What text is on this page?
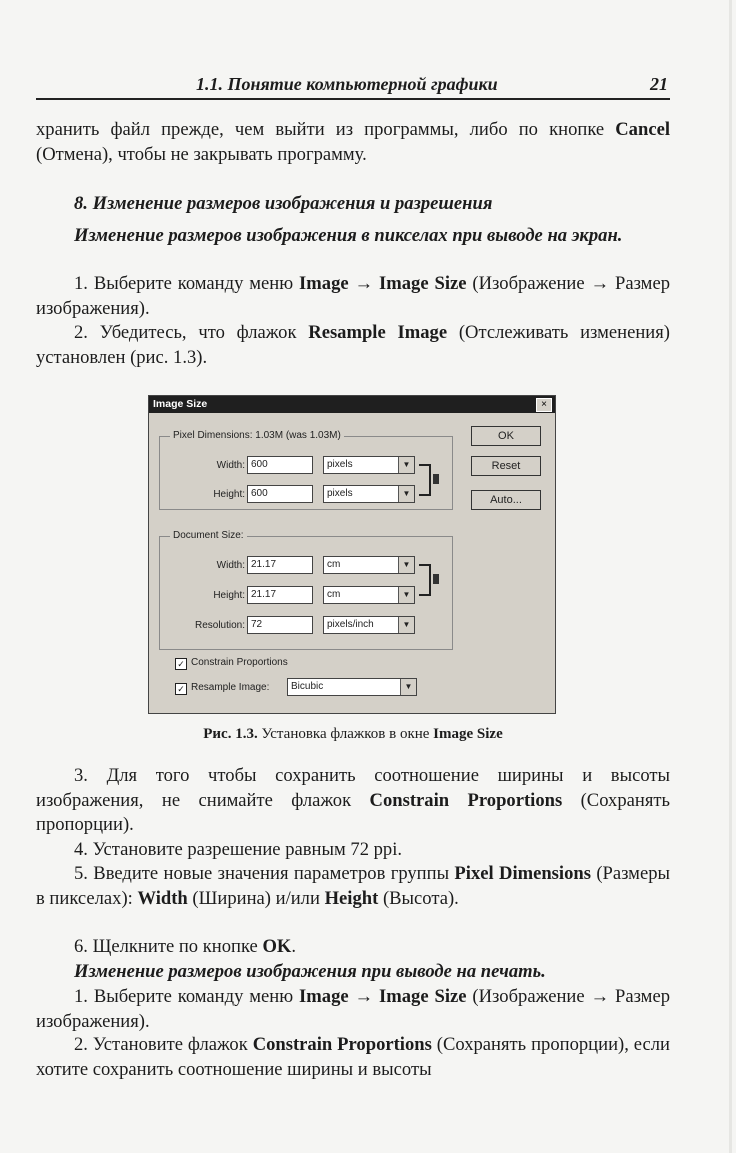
1.1. Понятие компьютерной графики	21
хранить файл прежде, чем выйти из программы, либо по кнопке Cancel (Отмена), чтобы не закрывать программу.
8. Изменение размеров изображения и разрешения
Изменение размеров изображения в пикселах при выводе на экран.
1. Выберите команду меню Image → Image Size (Изображение → Размер изображения).
2. Убедитесь, что флажок Resample Image (Отслеживать изменения) установлен (рис. 1.3).
Image Size	×
Pixel Dimensions: 1.03M (was 1.03M)
Width: 600	pixels	▼
Height: 600	pixels	▼
Document Size:
Width: 21.17	cm	▼
Height: 21.17	cm	▼
Resolution: 72	pixels/inch	▼
✓ Constrain Proportions
✓ Resample Image:	Bicubic	▼
OK
Reset
Auto...
Рис. 1.3. Установка флажков в окне Image Size
3. Для того чтобы сохранить соотношение ширины и высоты изображения, не снимайте флажок Constrain Proportions (Сохранять пропорции).
4. Установите разрешение равным 72 ppi.
5. Введите новые значения параметров группы Pixel Dimensions (Размеры в пикселах): Width (Ширина) и/или Height (Высота).
6. Щелкните по кнопке OK.
Изменение размеров изображения при выводе на печать.
1. Выберите команду меню Image → Image Size (Изображение → Размер изображения).
2. Установите флажок Constrain Proportions (Сохранять пропорции), если хотите сохранить соотношение ширины и высоты
